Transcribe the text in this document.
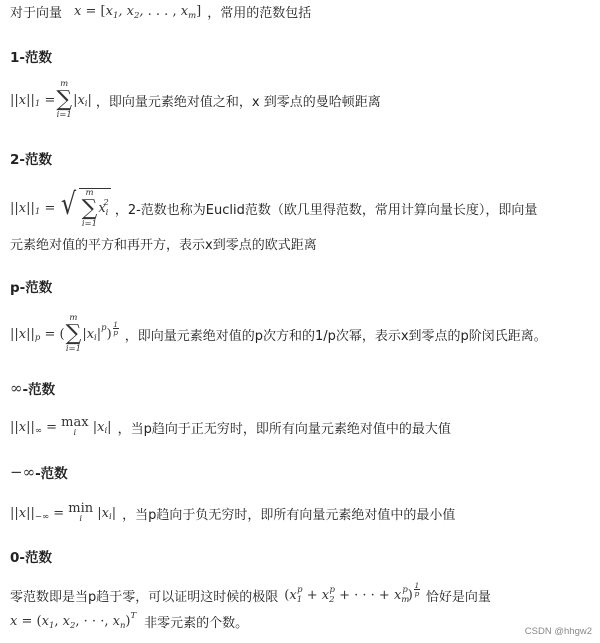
对于向量 x = [ x 1 , x 2 , . . . , x m ] ，常用的范数包括
1-范数
|| x || 1
=
m
∑
i=1
| x i | ，即向量元素绝对值之和，x 到零点的曼哈顿距离
2-范数
|| x || 1
=
√ m
∑
i=1
x i
2 ，2-范数也称为Euclid范数（欧几里得范数，常用计算向量长度），即向量
元素绝对值的平方和再开方，表示x到零点的欧式距离
p-范数
|| x || p
=
(
m
∑
i=1
| x i | p ) $\frac{1}{p}$
，即向量元素绝对值的p次方和的1/p次幂，表示x到零点的p阶闵氏距离。
∞ -范数
|| x || ∞
=
max
i
| x i | ，当p趋向于正无穷时，即所有向量元素绝对值中的最大值
−∞ -范数
|| x || −∞
=
min
i
| x i | ，当p趋向于负无穷时，即所有向量元素绝对值中的最小值
0-范数
零范数即是当p趋于零，可以证明这时候的极限 ( x 1
p
+ x 2
p
+ · · · + x m
p ) $\frac{1}{p}$
恰好是向量
x =
( x 1 , x 2 ,
· · ·, x n ) T
非零元素的个数。
CSDN @hhgw2
